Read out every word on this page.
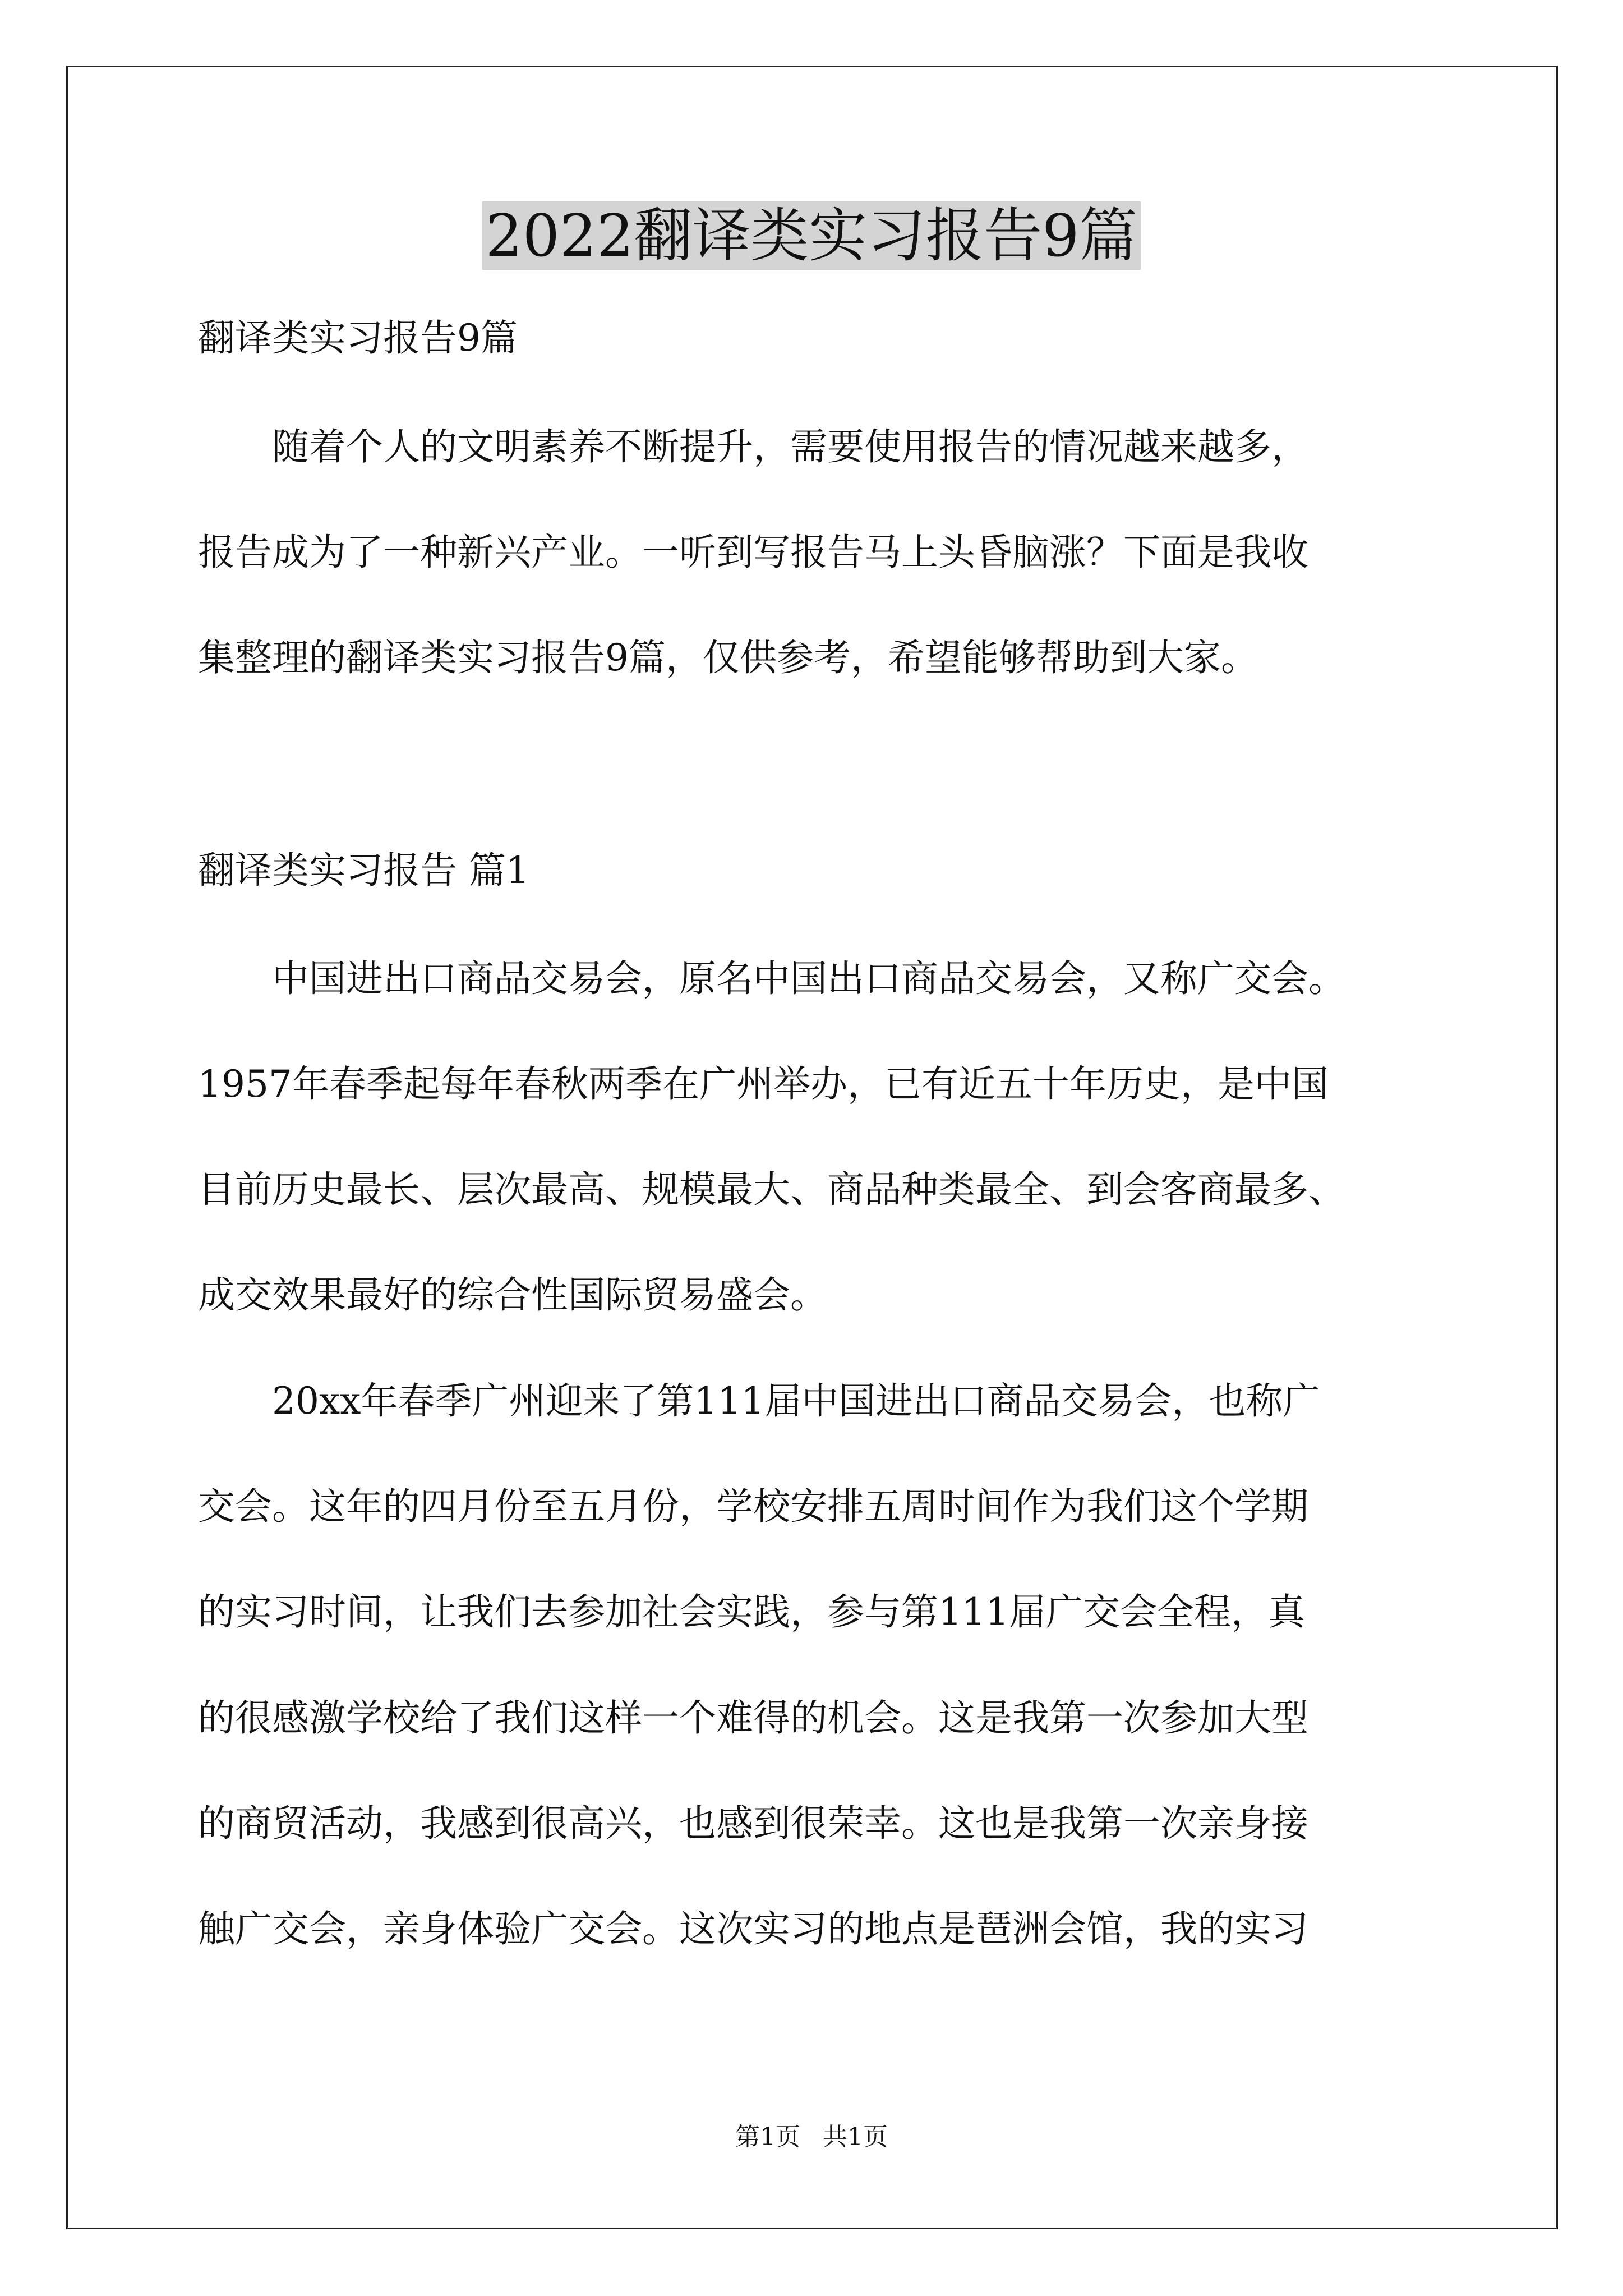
2022翻译类实习报告9篇
翻译类实习报告9篇
随着个人的文明素养不断提升，需要使用报告的情况越来越多，
报告成为了一种新兴产业。一听到写报告马上头昏脑涨？下面是我收
集整理的翻译类实习报告9篇，仅供参考，希望能够帮助到大家。
翻译类实习报告 篇1
中国进出口商品交易会，原名中国出口商品交易会，又称广交会。
1957年春季起每年春秋两季在广州举办，已有近五十年历史，是中国
目前历史最长、层次最高、规模最大、商品种类最全、到会客商最多、
成交效果最好的综合性国际贸易盛会。
20xx年春季广州迎来了第111届中国进出口商品交易会，也称广
交会。这年的四月份至五月份，学校安排五周时间作为我们这个学期
的实习时间，让我们去参加社会实践，参与第111届广交会全程，真
的很感激学校给了我们这样一个难得的机会。这是我第一次参加大型
的商贸活动，我感到很高兴，也感到很荣幸。这也是我第一次亲身接
触广交会，亲身体验广交会。这次实习的地点是琶洲会馆，我的实习
第1页 共1页
